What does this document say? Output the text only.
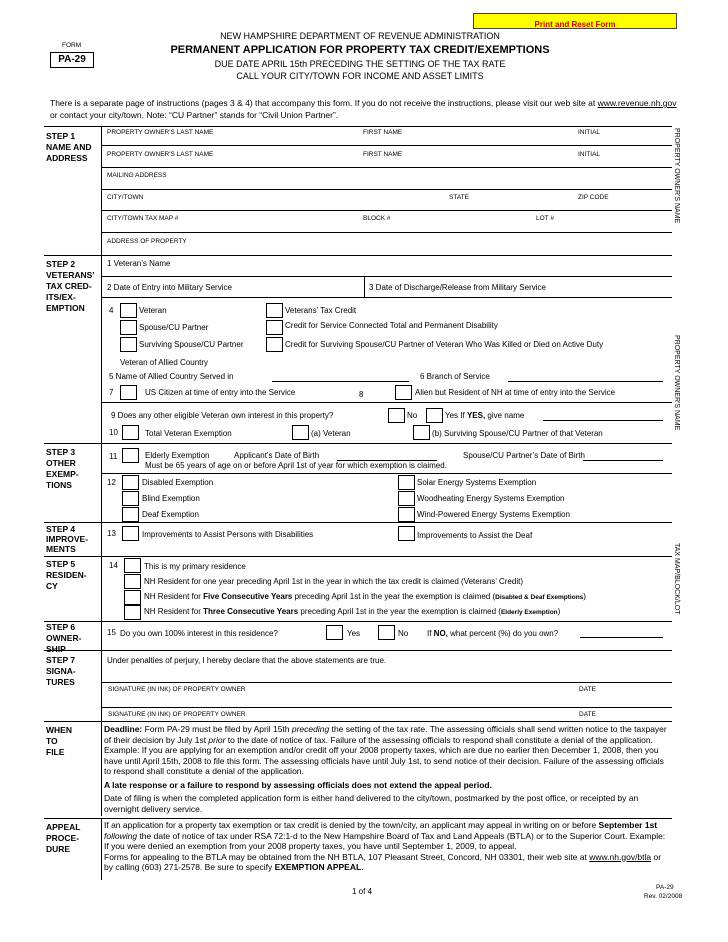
Print and Reset Form
FORM
PA-29
NEW HAMPSHIRE DEPARTMENT OF REVENUE ADMINISTRATION
PERMANENT APPLICATION FOR PROPERTY TAX CREDIT/EXEMPTIONS
DUE DATE APRIL 15th PRECEDING THE SETTING OF THE TAX RATE
CALL YOUR CITY/TOWN FOR INCOME AND ASSET LIMITS
There is a separate page of instructions (pages 3 & 4) that accompany this form. If you do not receive the instructions, please visit our web site at www.revenue.nh.gov or contact your city/town. Note: “CU Partner” stands for “Civil Union Partner”.
PROPERTY OWNER'S NAME
PROPERTY OWNER'S NAME
TAX MAP/BLOCK/LOT
STEP 1
NAME AND
ADDRESS
PROPERTY OWNER'S LAST NAME	FIRST NAME	INITIAL
PROPERTY OWNER'S LAST NAME	FIRST NAME	INITIAL
MAILING ADDRESS
CITY/TOWN	STATE	ZIP CODE
CITY/TOWN TAX MAP #	BLOCK #	LOT #
ADDRESS OF PROPERTY
STEP 2
VETERANS’
TAX CRED-
ITS/EX-
EMPTION
1 Veteran’s Name
2 Date of Entry into Military Service	3 Date of Discharge/Release from Military Service
4	Veteran	Veterans’ Tax Credit
Spouse/CU Partner	Credit for Service Connected Total and Permanent Disability
Surviving Spouse/CU Partner	Credit for Surviving Spouse/CU Partner of Veteran Who Was Killed or Died on Active Duty
Veteran of Allied Country
5 Name of Allied Country Served in	6 Branch of Service
7	US Citizen at time of entry into the Service	8	Alien but Resident of NH at time of entry into the Service
9 Does any other eligible Veteran own interest in this property?	No	Yes If YES, give name
10	Total Veteran Exemption	(a) Veteran	(b) Surviving Spouse/CU Partner of that Veteran
STEP 3
OTHER
EXEMP-
TIONS
11	Elderly Exemption	Applicant’s Date of Birth	Spouse/CU Partner’s Date of Birth
Must be 65 years of age on or before April 1st of year for which exemption is claimed.
12	Disabled Exemption	Solar Energy Systems Exemption
Blind Exemption	Woodheating Energy Systems Exemption
Deaf Exemption	Wind-Powered Energy Systems Exemption
STEP 4
IMPROVE-
MENTS
13	Improvements to Assist Persons with Disabilities	Improvements to Assist the Deaf
STEP 5
RESIDEN-
CY
14	This is my primary residence
NH Resident for one year preceding April 1st in the year in which the tax credit is claimed (Veterans’ Credit)
NH Resident for Five Consecutive Years preceding April 1st in the year the exemption is claimed (Disabled & Deaf Exemptions)
NH Resident for Three Consecutive Years preceding April 1st in the year the exemption is claimed (Elderly Exemption)
STEP 6
OWNER-
SHIP
15 Do you own 100% interest in this residence?	Yes	No If NO, what percent (%) do you own?
STEP 7
SIGNA-
TURES
Under penalties of perjury, I hereby declare that the above statements are true.
SIGNATURE (IN INK) OF PROPERTY OWNER	DATE
SIGNATURE (IN INK) OF PROPERTY OWNER	DATE
WHEN
TO
FILE

Deadline: Form PA-29 must be filed by April 15th preceding the setting of the tax rate. The assessing officials shall send written notice to the taxpayer of their decision by July 1st prior to the date of notice of tax. Failure of the assessing officials to respond shall constitute a denial of the application. Example: If you are applying for an exemption and/or credit off your 2008 property taxes, which are due no earlier then December 1, 2008, then you have until April 15th, 2008 to file this form. The assessing officials have until July 1st, to send notice of their decision. Failure of the assessing officials to respond shall constitute a denial of the application.

A late response or a failure to respond by assessing officials does not extend the appeal period.

Date of filing is when the completed application form is either hand delivered to the city/town, postmarked by the post office, or receipted by an overnight delivery service.

APPEAL
PROCE-
DURE

If an application for a property tax exemption or tax credit is denied by the town/city, an applicant may appeal in writing on or before September 1st following the date of notice of tax under RSA 72:1-d to the New Hampshire Board of Tax and Land Appeals (BTLA) or to the Superior Court. Example: If you were denied an exemption from your 2008 property taxes, you have until September 1, 2009, to appeal.

Forms for appealing to the BTLA may be obtained from the NH BTLA, 107 Pleasant Street, Concord, NH 03301, their web site at www.nh.gov/btla or by calling (603) 271-2578. Be sure to specify EXEMPTION APPEAL.

1 of 4	PA-29
Rev. 02/2008
